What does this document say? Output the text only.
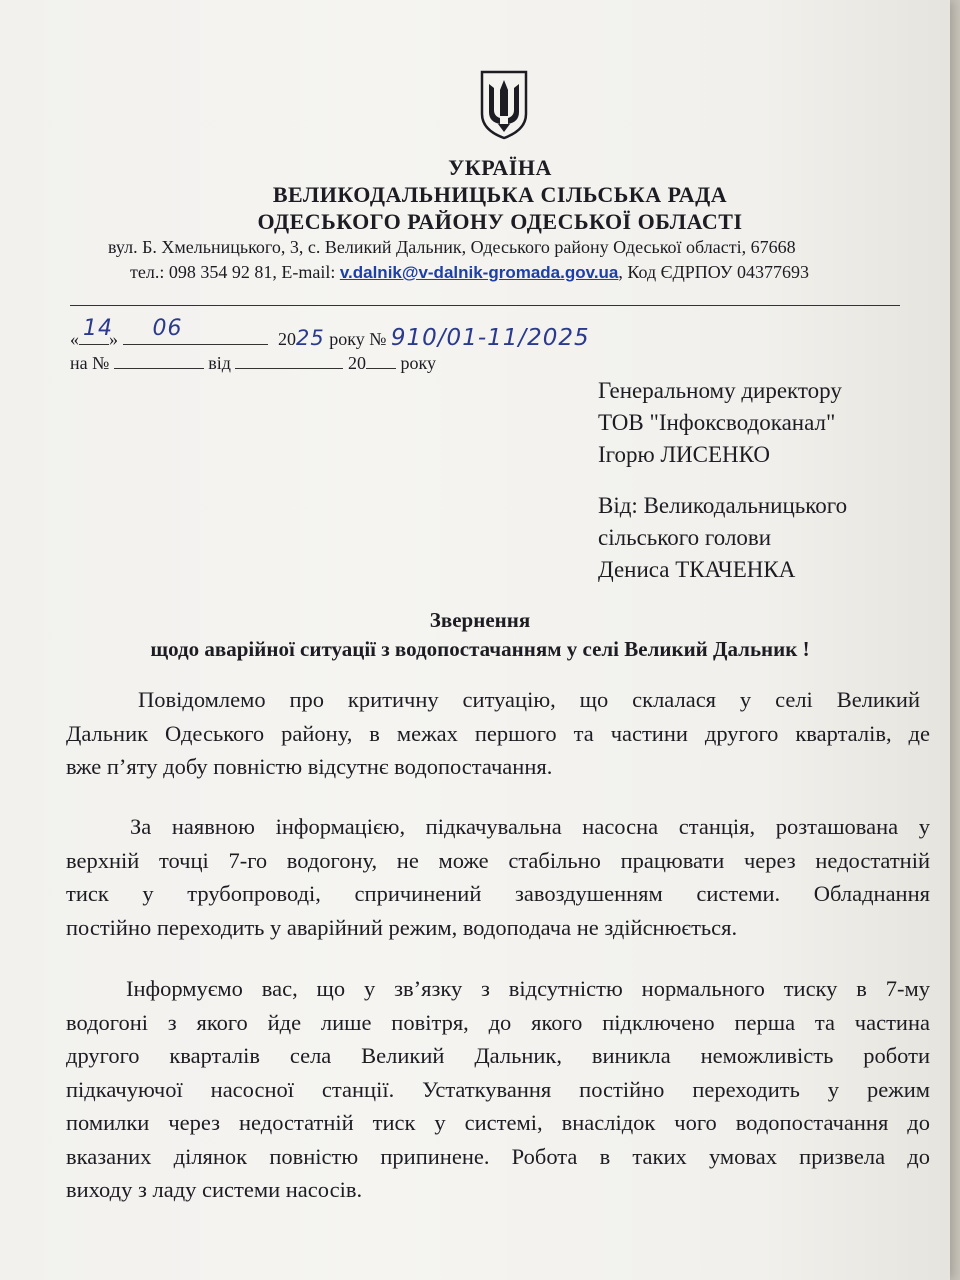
УКРАЇНА
ВЕЛИКОДАЛЬНИЦЬКА СІЛЬСЬКА РАДА
ОДЕСЬКОГО РАЙОНУ ОДЕСЬКОЇ ОБЛАСТІ
вул. Б. Хмельницького, 3, с. Великий Дальник, Одеського району Одеської області, 67668
тел.: 098 354 92 81, E-mail: v.dalnik@v-dalnik-gromada.gov.ua, Код ЄДРПОУ 04377693
« 14
» 06	2025 року № 910/01-11/2025
на №	від	20 року
Генеральному директору
ТОВ "Інфоксводоканал"
Ігорю ЛИСЕНКО
Від: Великодальницького
сільського голови
Дениса ТКАЧЕНКА
Звернення
щодо аварійної ситуації з водопостачанням у селі Великий Дальник !
Повідомлемо про критичну ситуацію, що склалася у селі Великий
Дальник Одеського району, в межах першого та частини другого кварталів, де
вже п’яту добу повністю відсутнє водопостачання.
За наявною інформацією, підкачувальна насосна станція, розташована у
верхній точці 7-го водогону, не може стабільно працювати через недостатній
тиск у трубопроводі, спричинений завоздушенням системи. Обладнання
постійно переходить у аварійний режим, водоподача не здійснюється.
Інформуємо вас, що у зв’язку з відсутністю нормального тиску в 7-му
водогоні з якого йде лише повітря, до якого підключено перша та частина
другого кварталів села Великий Дальник, виникла неможливість роботи
підкачуючої насосної станції. Устаткування постійно переходить у режим
помилки через недостатній тиск у системі, внаслідок чого водопостачання до
вказаних ділянок повністю припинене. Робота в таких умовах призвела до
виходу з ладу системи насосів.
